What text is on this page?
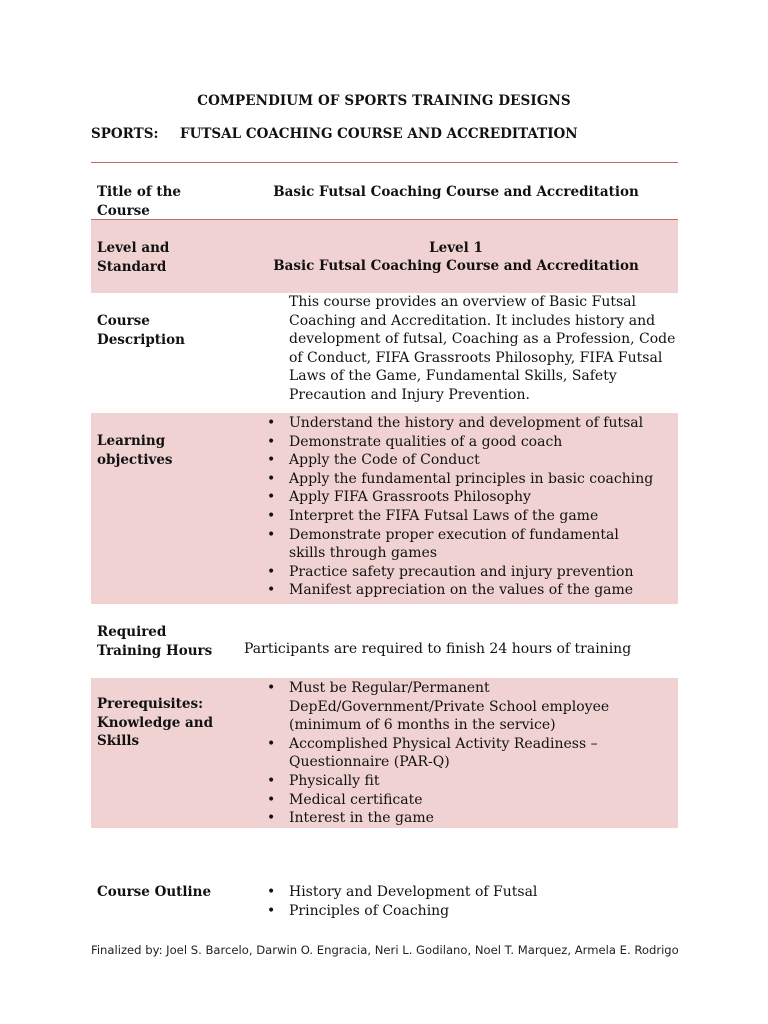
COMPENDIUM OF SPORTS TRAINING DESIGNS
SPORTS: FUTSAL COACHING COURSE AND ACCREDITATION
Title of the Course
Basic Futsal Coaching Course and Accreditation
Level and Standard
Level 1
Basic Futsal Coaching Course and Accreditation
Course Description
This course provides an overview of Basic Futsal Coaching and Accreditation. It includes history and development of futsal, Coaching as a Profession, Code of Conduct, FIFA Grassroots Philosophy, FIFA Futsal Laws of the Game, Fundamental Skills, Safety Precaution and Injury Prevention.
Learning objectives
• Understand the history and development of futsal
• Demonstrate qualities of a good coach
• Apply the Code of Conduct
• Apply the fundamental principles in basic coaching
• Apply FIFA Grassroots Philosophy
• Interpret the FIFA Futsal Laws of the game
• Demonstrate proper execution of fundamental skills through games
• Practice safety precaution and injury prevention
• Manifest appreciation on the values of the game
Required Training Hours	Participants are required to finish 24 hours of training
Prerequisites: Knowledge and Skills
• Must be Regular/Permanent DepEd/Government/Private School employee (minimum of 6 months in the service)
• Accomplished Physical Activity Readiness – Questionnaire (PAR-Q)
• Physically fit
• Medical certificate
• Interest in the game
Course Outline
•	History and Development of Futsal
• Principles of Coaching
Finalized by: Joel S. Barcelo, Darwin O. Engracia, Neri L. Godilano, Noel T. Marquez, Armela E. Rodrigo
